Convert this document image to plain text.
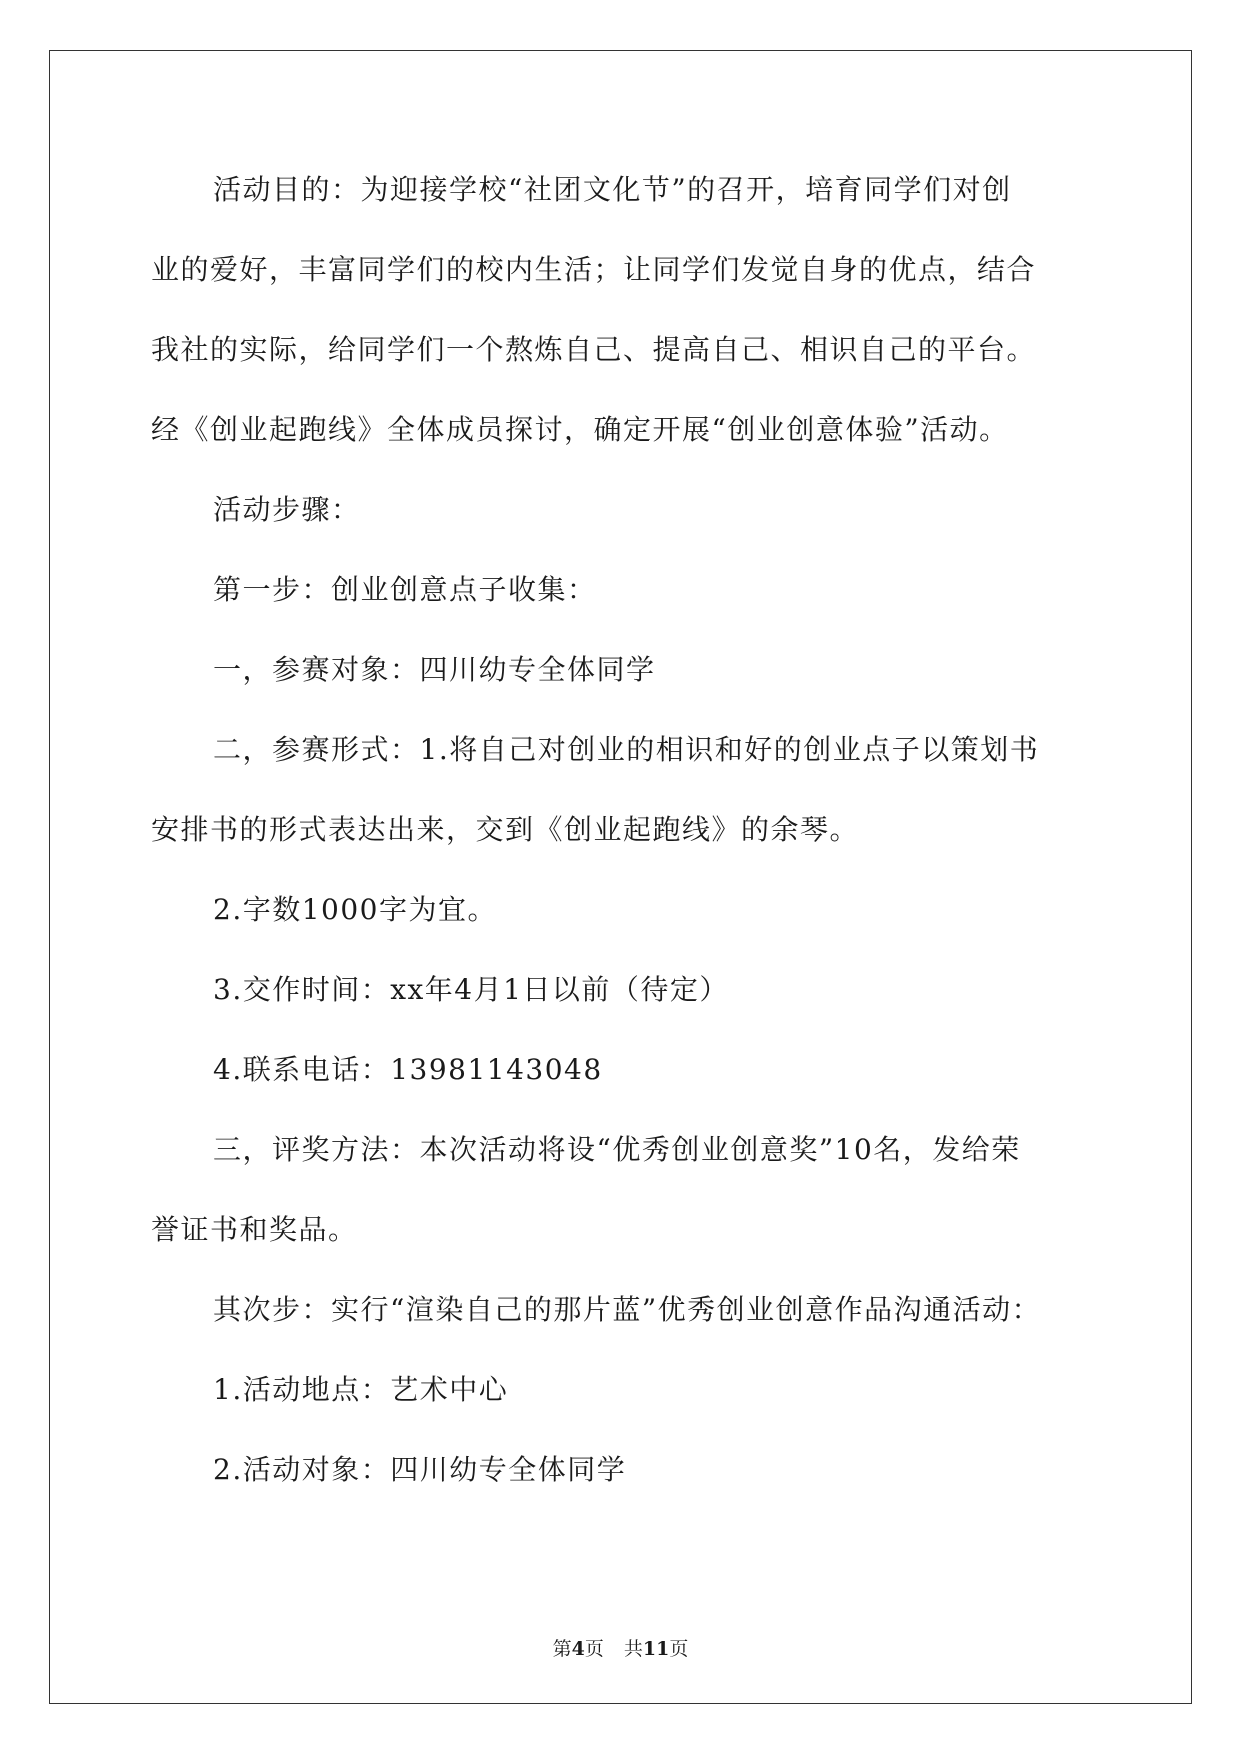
活动目的：为迎接学校“社团文化节”的召开，培育同学们对创
业的爱好，丰富同学们的校内生活；让同学们发觉自身的优点，结合
我社的实际，给同学们一个熬炼自己、提高自己、相识自己的平台。
经《创业起跑线》全体成员探讨，确定开展“创业创意体验”活动。
活动步骤：
第一步：创业创意点子收集：
一，参赛对象：四川幼专全体同学
二，参赛形式：1.将自己对创业的相识和好的创业点子以策划书
安排书的形式表达出来，交到《创业起跑线》的余琴。
2.字数1000字为宜。
3.交作时间：xx年4月1日以前（待定）
4.联系电话：13981143048
三，评奖方法：本次活动将设“优秀创业创意奖”10名，发给荣
誉证书和奖品。
其次步：实行“渲染自己的那片蓝”优秀创业创意作品沟通活动：
1.活动地点：艺术中心
2.活动对象：四川幼专全体同学
第4页 共11页
